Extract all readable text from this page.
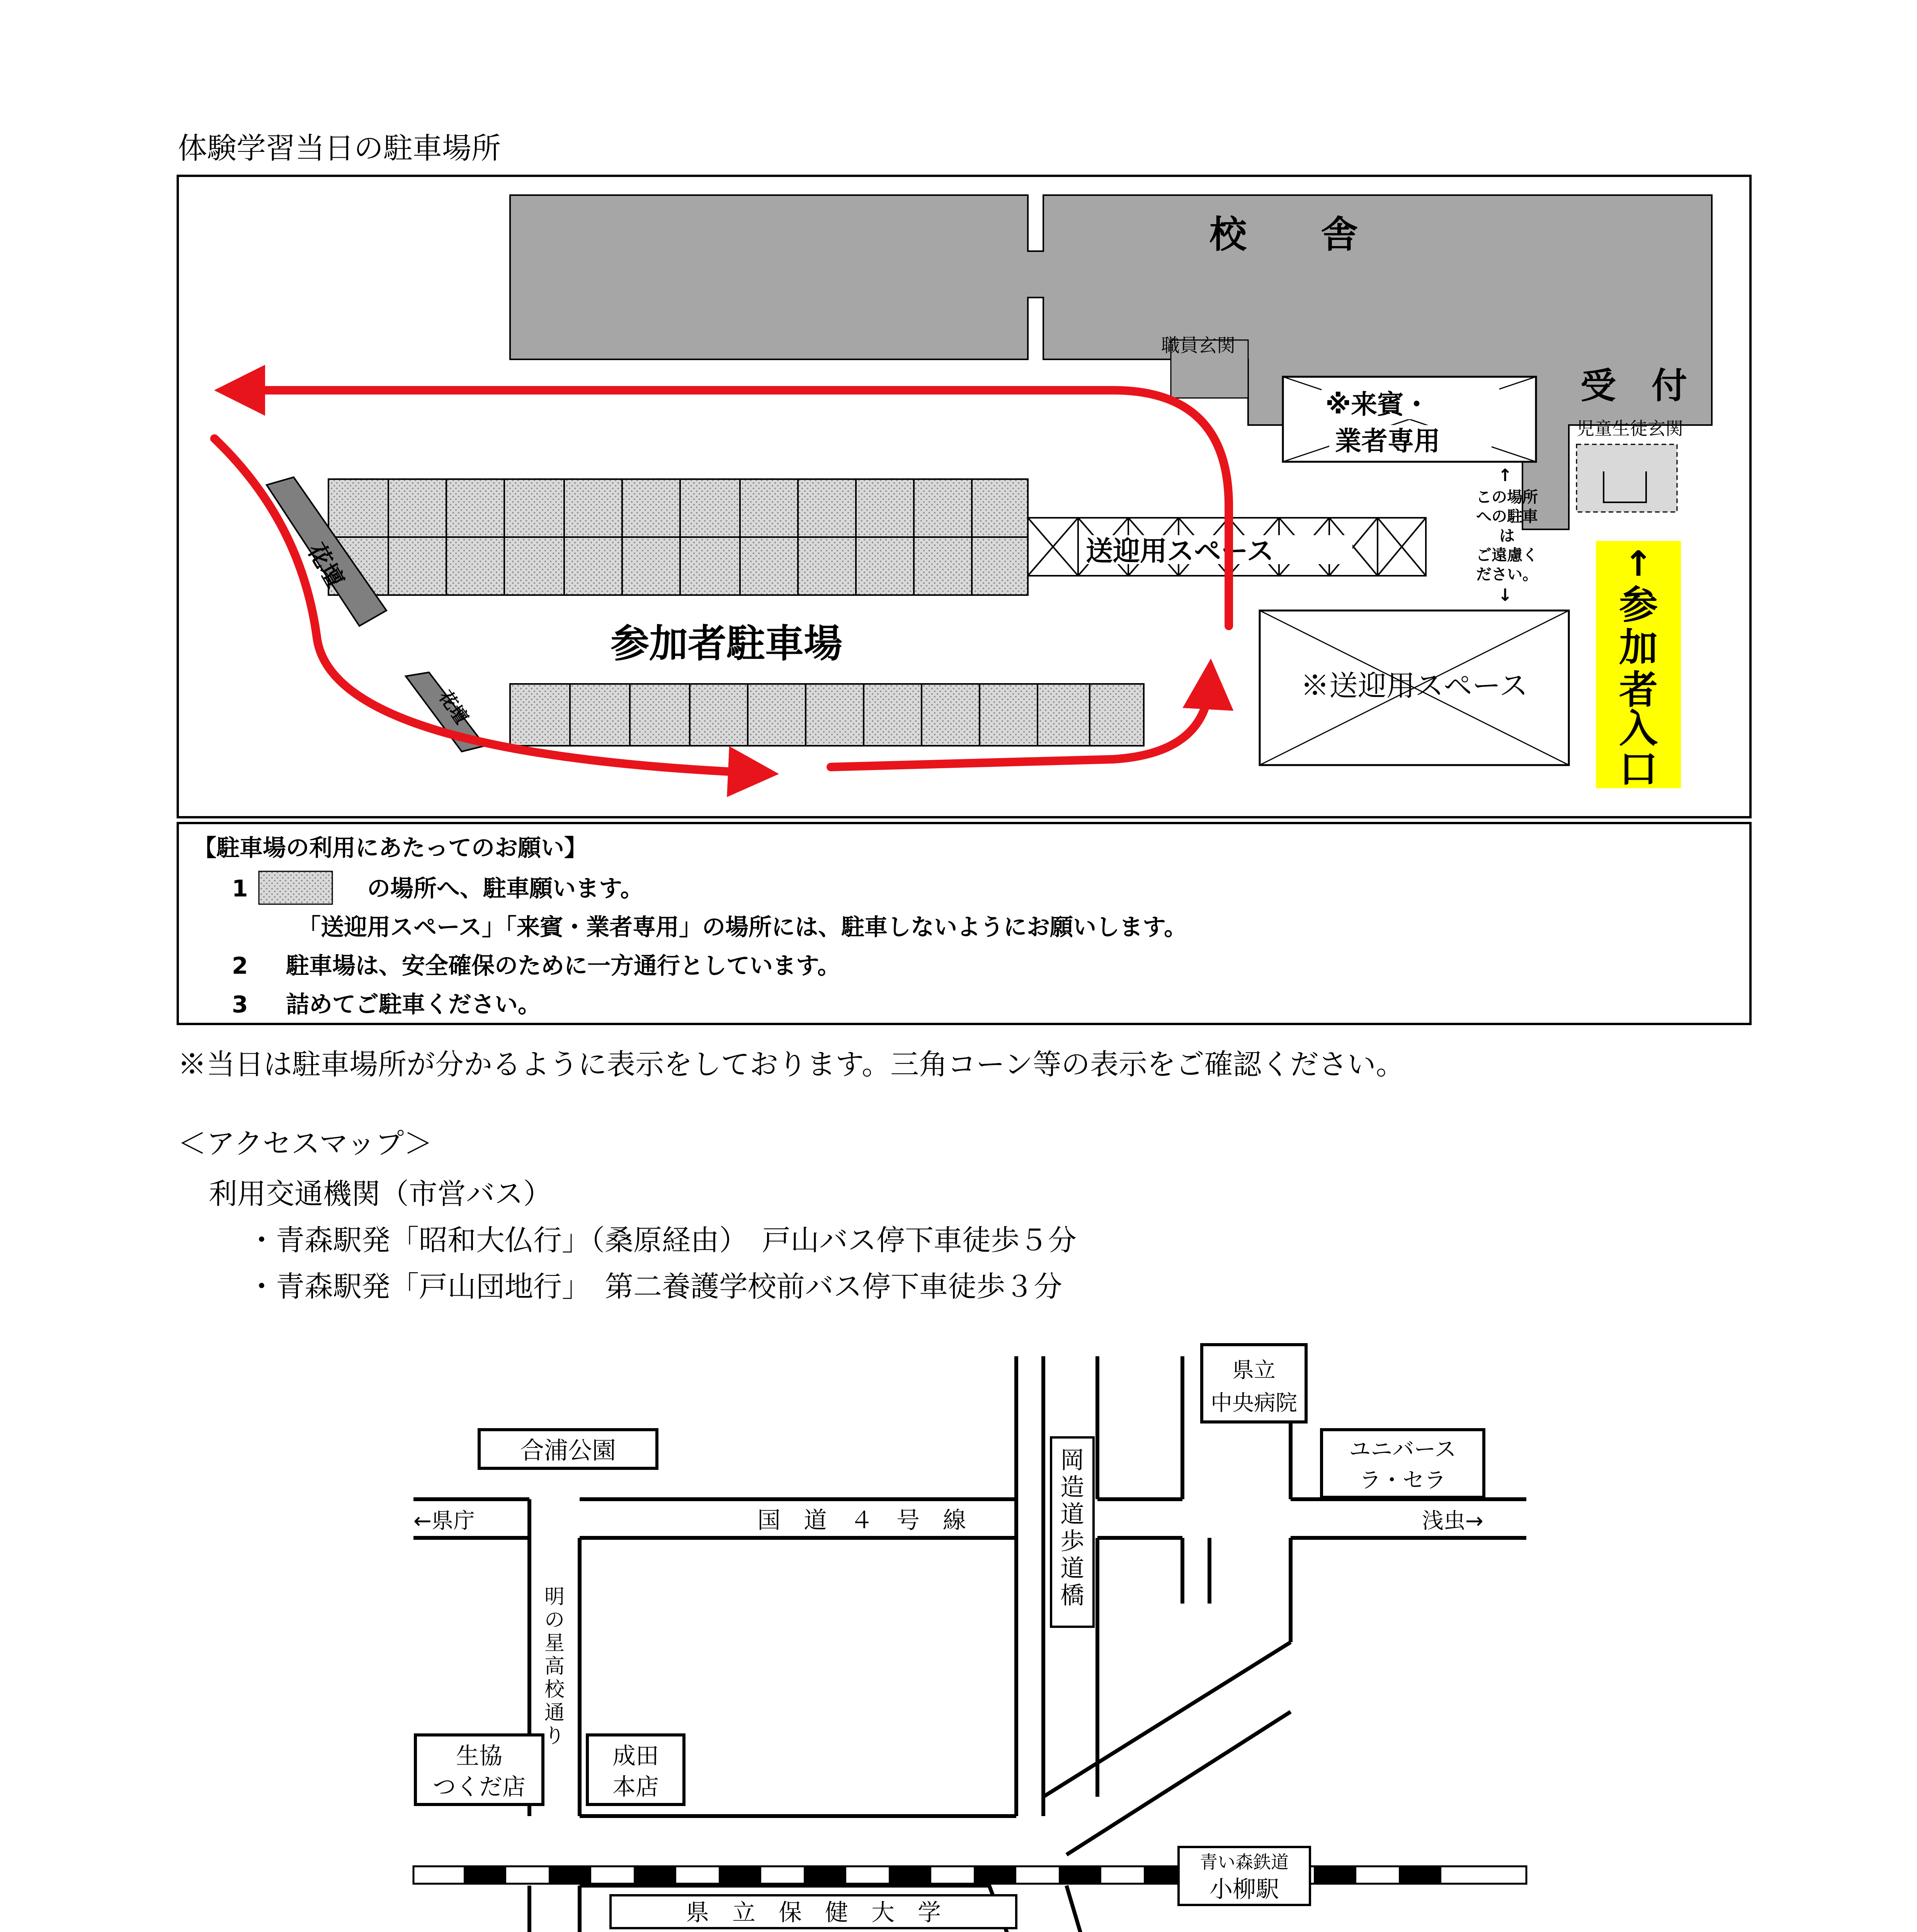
体験学習当日の駐車場所
校　　舎
職員玄関
受　付
児童生徒玄関
※来賓・
業者専用
送迎用スペース
↑
この場所
への駐車
は
ご遠慮く
ださい。
↓
↑
参
加
者
入
口
※送迎用スペース
参加者駐車場
花壇
花壇
【駐車場の利用にあたってのお願い】
1	の場所へ、駐車願います。
「送迎用スペース」「来賓・業者専用」の場所には、駐車しないようにお願いします。
2 駐車場は、安全確保のために一方通行としています。
3 詰めてご駐車ください。
※当日は駐車場所が分かるように表示をしております。三角コーン等の表示をご確認ください。
＜アクセスマップ＞
利用交通機関（市営バス）
・青森駅発「昭和大仏行」（桑原経由）　戸山バス停下車徒歩５分
・青森駅発「戸山団地行」　第二養護学校前バス停下車徒歩３分
県立
中央病院
合浦公園	ユニバース
ラ・セラ
←県庁	国　道　４　号　線	浅虫→
岡
造
道
歩
道
橋
明
の
星
高
校
通
り
生協
つくだ店
成田
本店
青い森鉄道
小柳駅
県　立　保　健　大　学
